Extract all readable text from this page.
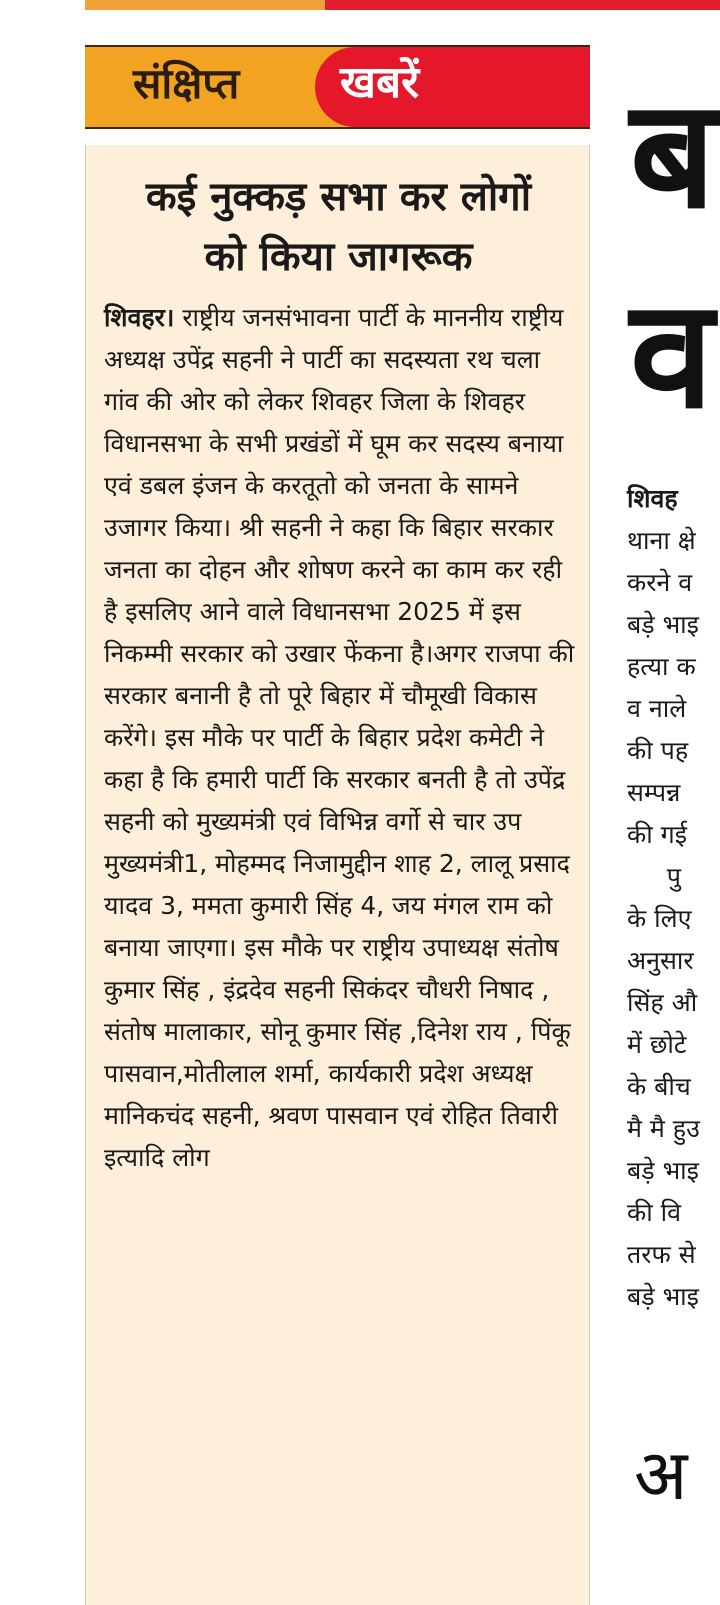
संक्षिप्त खबरें
कई नुक्कड़ सभा कर लोगों
को किया जागरूक

शिवहर। राष्ट्रीय जनसंभावना पार्टी के माननीय राष्ट्रीय अध्यक्ष उपेंद्र सहनी ने पार्टी का सदस्यता रथ चला गांव की ओर को लेकर शिवहर जिला के शिवहर विधानसभा के सभी प्रखंडों में घूम कर सदस्य बनाया एवं डबल इंजन के करतूतो को जनता के सामने उजागर किया। श्री सहनी ने कहा कि बिहार सरकार जनता का दोहन और शोषण करने का काम कर रही है इसलिए आने वाले विधानसभा 2025 में इस निकम्मी सरकार को उखार फेंकना है।अगर राजपा की सरकार बनानी है तो पूरे बिहार में चौमूखी विकास करेंगे। इस मौके पर पार्टी के बिहार प्रदेश कमेटी ने कहा है कि हमारी पार्टी कि सरकार बनती है तो उपेंद्र सहनी को मुख्यमंत्री एवं विभिन्न वर्गो से चार उप मुख्यमंत्री1, मोहम्मद निजामुद्दीन शाह 2, लालू प्रसाद यादव 3, ममता कुमारी सिंह 4, जय मंगल राम को बनाया जाएगा। इस मौके पर राष्ट्रीय उपाध्यक्ष संतोष कुमार सिंह , इंद्रदेव सहनी सिकंदर चौधरी निषाद , संतोष मालाकार, सोनू कुमार सिंह ,दिनेश राय , पिंकू पासवान,मोतीलाल शर्मा, कार्यकारी प्रदेश अध्यक्ष मानिकचंद सहनी, श्रवण पासवान एवं रोहित तिवारी इत्यादि लोग

ब
व
शिवह
थाना क्षे
करने व
बड़े भाइ
हत्या क
व नाले
की पह
सम्पन्न
की गई
पु
के लिए
अनुसार
सिंह औ
में छोटे
के बीच
मै मै हुउ
बड़े भाइ
की वि
तरफ से
बड़े भाइ
अ
